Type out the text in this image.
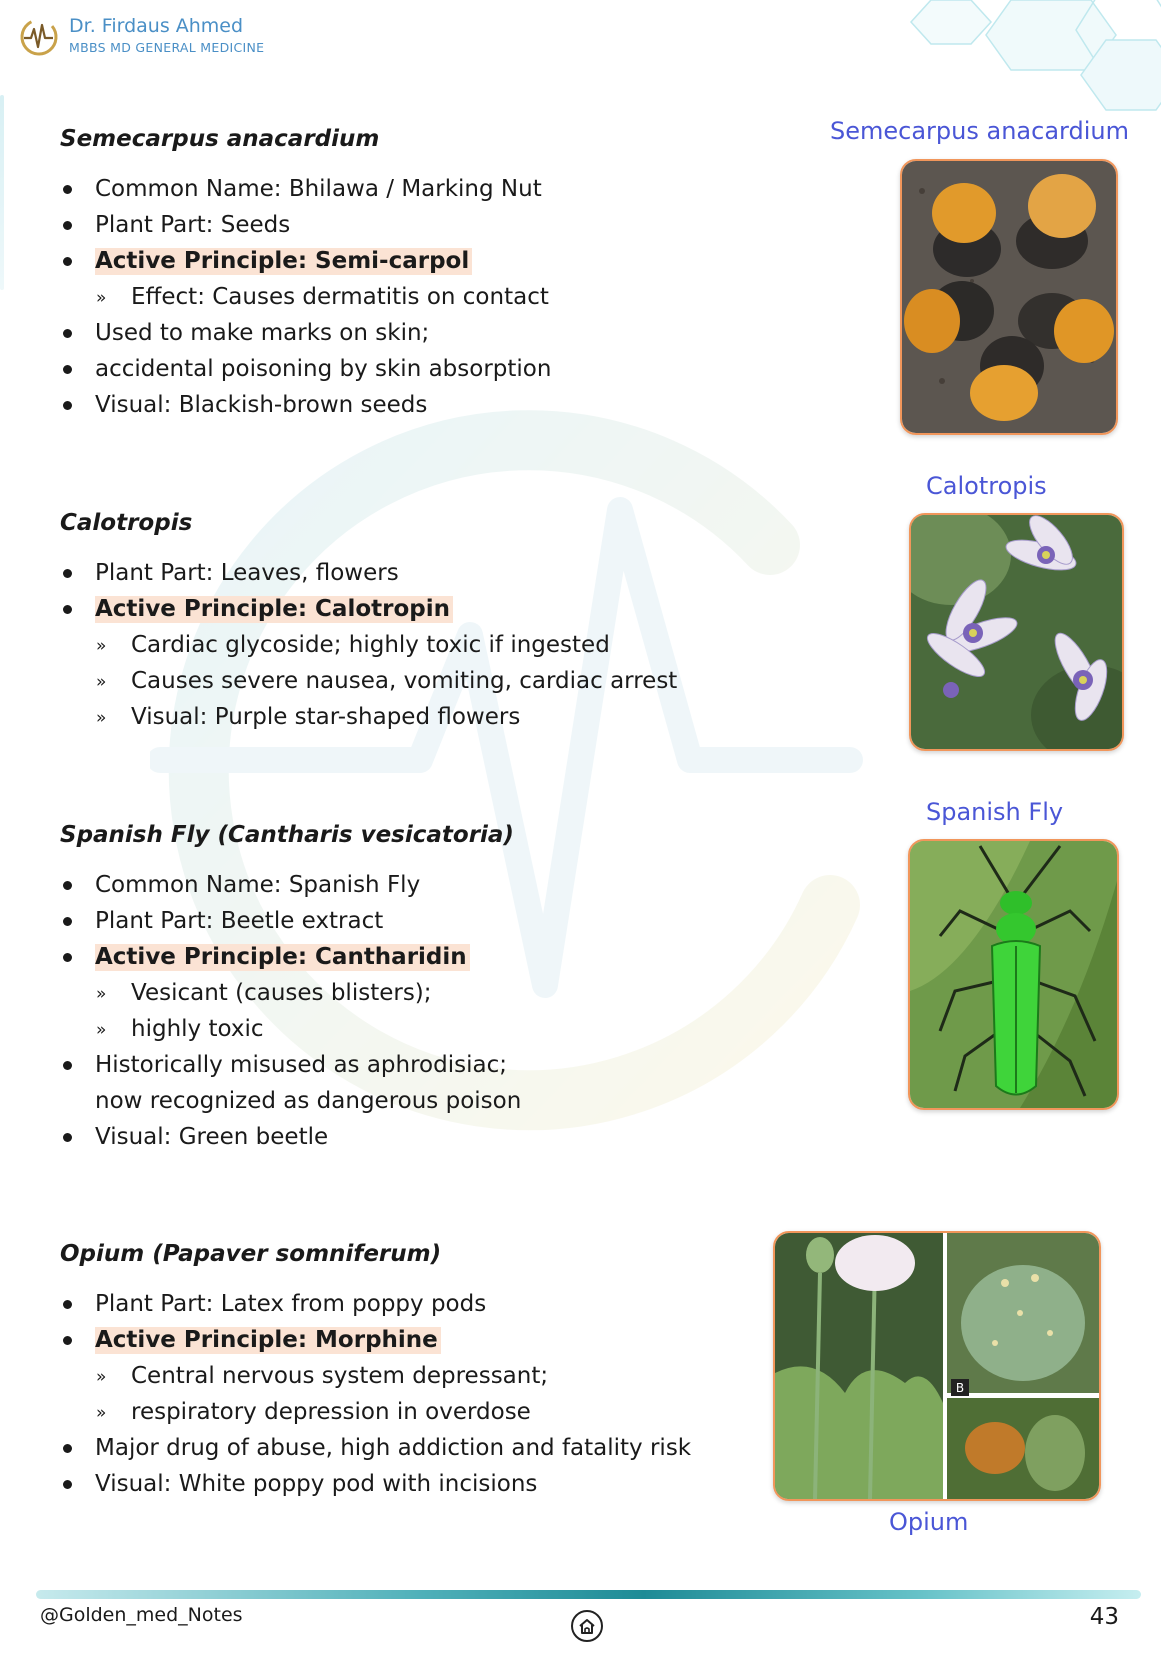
Dr. Firdaus Ahmed
MBBS MD GENERAL MEDICINE
Semecarpus anacardium
Common Name: Bhilawa / Marking Nut
Plant Part: Seeds
Active Principle: Semi-carpol
» Effect: Causes dermatitis on contact
Used to make marks on skin;
accidental poisoning by skin absorption
Visual: Blackish-brown seeds
Semecarpus anacardium
Calotropis
Plant Part: Leaves, flowers
Active Principle: Calotropin
» Cardiac glycoside; highly toxic if ingested
» Causes severe nausea, vomiting, cardiac arrest
» Visual: Purple star-shaped flowers
Calotropis
Spanish Fly (Cantharis vesicatoria)
Common Name: Spanish Fly
Plant Part: Beetle extract
Active Principle: Cantharidin
» Vesicant (causes blisters);
» highly toxic
Historically misused as aphrodisiac;
now recognized as dangerous poison
Visual: Green beetle
Spanish Fly
Opium (Papaver somniferum)
Plant Part: Latex from poppy pods
Active Principle: Morphine
» Central nervous system depressant;
» respiratory depression in overdose
Major drug of abuse, high addiction and fatality risk
Visual: White poppy pod with incisions
B
Opium
@Golden_med_Notes	43
